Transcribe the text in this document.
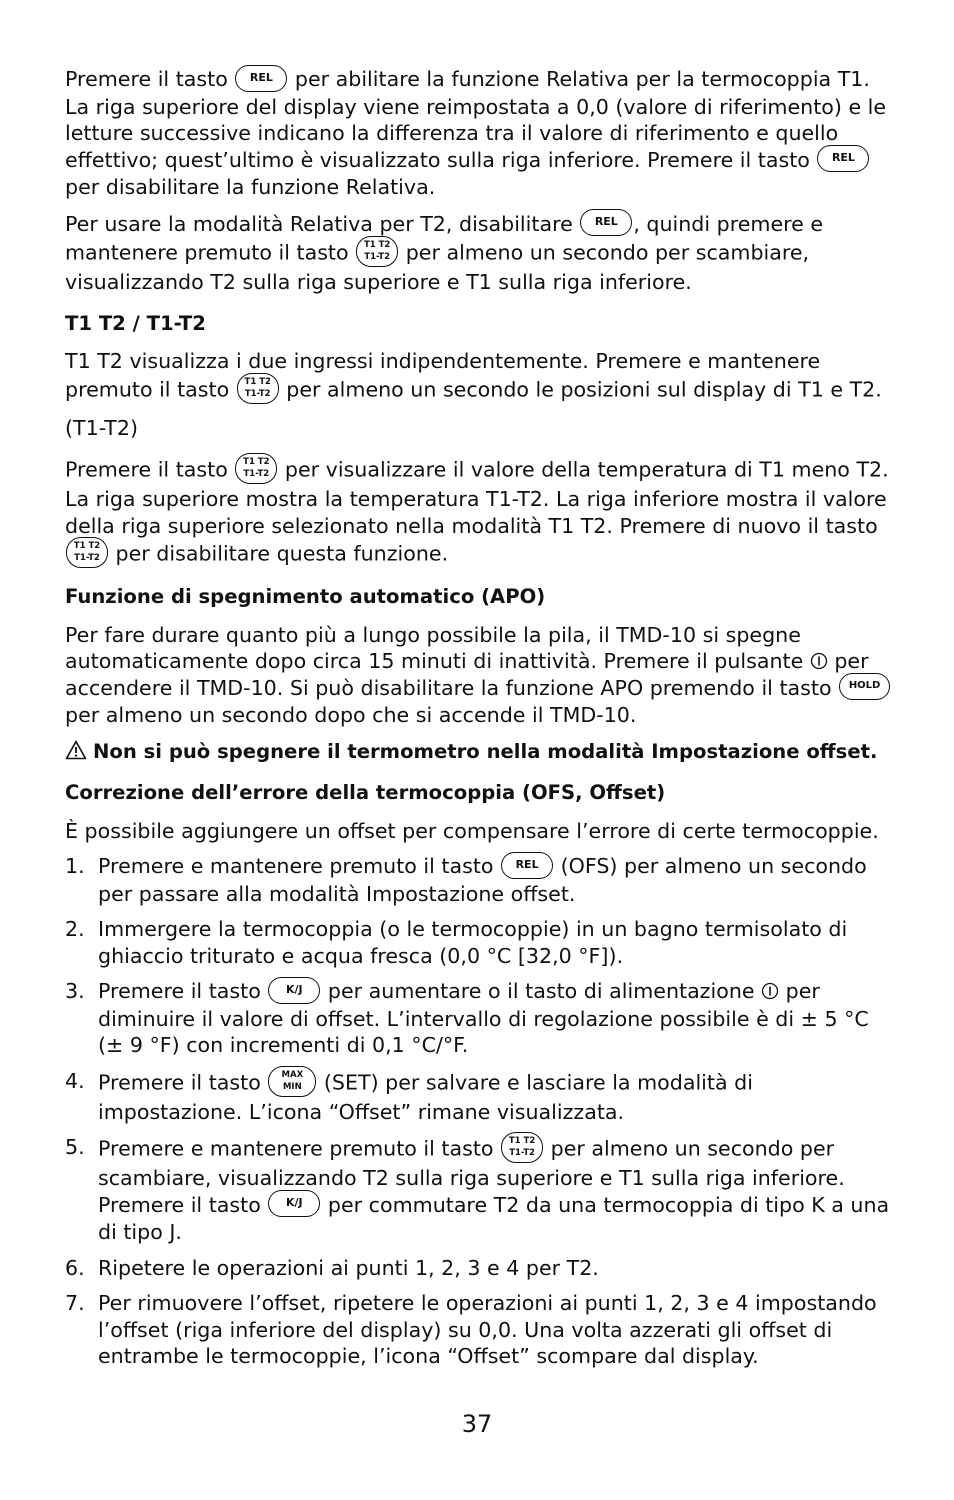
Premere il tasto REL per abilitare la funzione Relativa per la termocoppia T1. La riga superiore del display viene reimpostata a 0,0 (valore di riferimento) e le letture successive indicano la differenza tra il valore di riferimento e quello effettivo; quest’ultimo è visualizzato sulla riga inferiore. Premere il tasto REL per disabilitare la funzione Relativa.

Per usare la modalità Relativa per T2, disabilitare REL , quindi premere e mantenere premuto il tasto	T1 T2
T1-T2 per almeno un secondo per scambiare, visualizzando T2 sulla riga superiore e T1 sulla riga inferiore.

T1 T2 / T1-T2

T1 T2 visualizza i due ingressi indipendentemente. Premere e mantenere premuto il tasto	T1 T2
T1-T2 per almeno un secondo le posizioni sul display di T1 e T2.

(T1-T2)

Premere il tasto	T1 T2
T1-T2 per visualizzare il valore della temperatura di T1 meno T2. La riga superiore mostra la temperatura T1-T2. La riga inferiore mostra il valore della riga superiore selezionato nella modalità T1 T2. Premere di nuovo il tasto
T1 T2
T1-T2 per disabilitare questa funzione.

Funzione di spegnimento automatico (APO)

Per fare durare quanto più a lungo possibile la pila, il TMD-10 si spegne automaticamente dopo circa 15 minuti di inattività. Premere il pulsante per accendere il TMD-10. Si può disabilitare la funzione APO premendo il tasto HOLD per almeno un secondo dopo che si accende il TMD-10.

Non si può spegnere il termometro nella modalità Impostazione offset.

Correzione dell’errore della termocoppia (OFS, Offset)

È possibile aggiungere un offset per compensare l’errore di certe termocoppie.

1. Premere e mantenere premuto il tasto REL (OFS) per almeno un secondo per passare alla modalità Impostazione offset.
2. Immergere la termocoppia (o le termocoppie) in un bagno termisolato di ghiaccio triturato e acqua fresca (0,0 °C [32,0 °F]).
3. Premere il tasto K/J per aumentare o il tasto di alimentazione per diminuire il valore di offset. L’intervallo di regolazione possibile è di ± 5 °C (± 9 °F) con incrementi di 0,1 °C/°F.
4. Premere il tasto	MAX
MIN	(SET) per salvare e lasciare la modalità di impostazione. L’icona “Offset” rimane visualizzata.
5. Premere e mantenere premuto il tasto	T1 T2
T1-T2 per almeno un secondo per scambiare, visualizzando T2 sulla riga superiore e T1 sulla riga inferiore. Premere il tasto K/J per commutare T2 da una termocoppia di tipo K a una di tipo J.
6. Ripetere le operazioni ai punti 1, 2, 3 e 4 per T2.
7. Per rimuovere l’offset, ripetere le operazioni ai punti 1, 2, 3 e 4 impostando l’offset (riga inferiore del display) su 0,0. Una volta azzerati gli offset di entrambe le termocoppie, l’icona “Offset” scompare dal display.
37
